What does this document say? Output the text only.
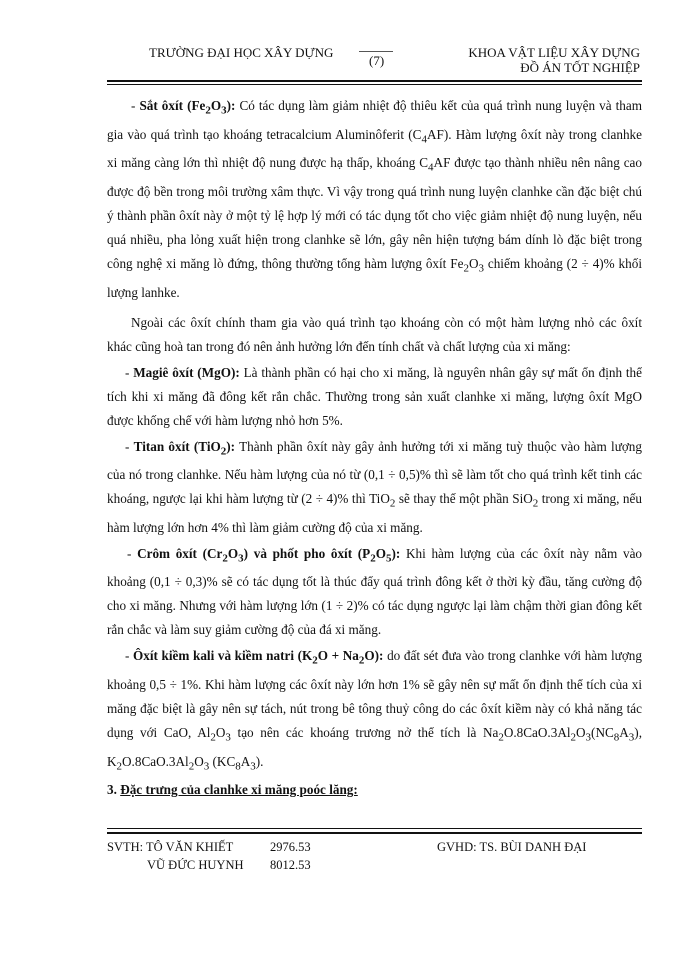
TRƯỜNG ĐẠI HỌC XÂY DỰNG
(7)
KHOA VẬT LIỆU XÂY DỰNG
ĐỒ ÁN TỐT NGHIỆP

- Sắt ôxít $(Fe_2O_3)$: Có tác dụng làm giảm nhiệt độ thiêu kết của quá trình nung luyện và tham gia vào quá trình tạo khoáng tetracalcium Aluminôferit $(C_4AF)$. Hàm lượng ôxít này trong clanhke xi măng càng lớn thì nhiệt độ nung được hạ thấp, khoáng $C_4AF$ được tạo thành nhiều nên nâng cao được độ bền trong môi trường xâm thực. Vì vậy trong quá trình nung luyện clanhke cần đặc biệt chú ý thành phần ôxít này ở một tỷ lệ hợp lý mới có tác dụng tốt cho việc giảm nhiệt độ nung luyện, nếu quá nhiều, pha lỏng xuất hiện trong clanhke sẽ lớn, gây nên hiện tượng bám dính lò đặc biệt trong công nghệ xi măng lò đứng, thông thường tổng hàm lượng ôxít $Fe_2O_3$ chiếm khoảng (2 ÷ 4)% khối lượng lanhke.

Ngoài các ôxít chính tham gia vào quá trình tạo khoáng còn có một hàm lượng nhỏ các ôxít khác cũng hoà tan trong đó nên ảnh hưởng lớn đến tính chất và chất lượng của xi măng:

- Magiê ôxít (MgO): Là thành phần có hại cho xi măng, là nguyên nhân gây sự mất ổn định thể tích khi xi măng đã đông kết rắn chắc. Thường trong sản xuất clanhke xi măng, lượng ôxít MgO được khống chế với hàm lượng nhỏ hơn 5%.

- Titan ôxít (TiO$_2$): Thành phần ôxít này gây ảnh hưởng tới xi măng tuỳ thuộc vào hàm lượng của nó trong clanhke. Nếu hàm lượng của nó từ (0,1 ÷ 0,5)% thì sẽ làm tốt cho quá trình kết tinh các khoáng, ngược lại khi hàm lượng từ (2 ÷ 4)% thì TiO$_2$ sẽ thay thế một phần SiO$_2$ trong xi măng, nếu hàm lượng lớn hơn 4% thì làm giảm cường độ của xi măng.

- Crôm ôxít $(Cr_2O_3)$ và phốt pho ôxít $(P_2O_5)$: Khi hàm lượng của các ôxít này nằm vào khoảng (0,1 ÷ 0,3)% sẽ có tác dụng tốt là thúc đẩy quá trình đông kết ở thời kỳ đầu, tăng cường độ cho xi măng. Nhưng với hàm lượng lớn (1 ÷ 2)% có tác dụng ngược lại làm chậm thời gian đông kết rắn chắc và làm suy giảm cường độ của đá xi măng.

- Ôxít kiềm kali và kiềm natri $(K_2O + Na_2O)$: do đất sét đưa vào trong clanhke với hàm lượng khoảng 0,5 ÷ 1%. Khi hàm lượng các ôxít này lớn hơn 1% sẽ gây nên sự mất ổn định thể tích của xi măng đặc biệt là gây nên sự tách, nút trong bê tông thuỷ công do các ôxít kiềm này có khả năng tác dụng với CaO, $Al_2O_3$ tạo nên các khoáng trương nở thể tích là $Na_2O.8CaO.3Al_2O_3(NC_8A_3)$, $K_2O.8CaO.3Al_2O_3$ $(KC_8A_3)$.

3. Đặc trưng của clanhke xi măng poóc lăng:

SVTH: TÔ VĂN KHIẾT	2976.53	GVHD: TS. BÙI DANH ĐẠI
VŨ ĐỨC HUYNH 8012.53
